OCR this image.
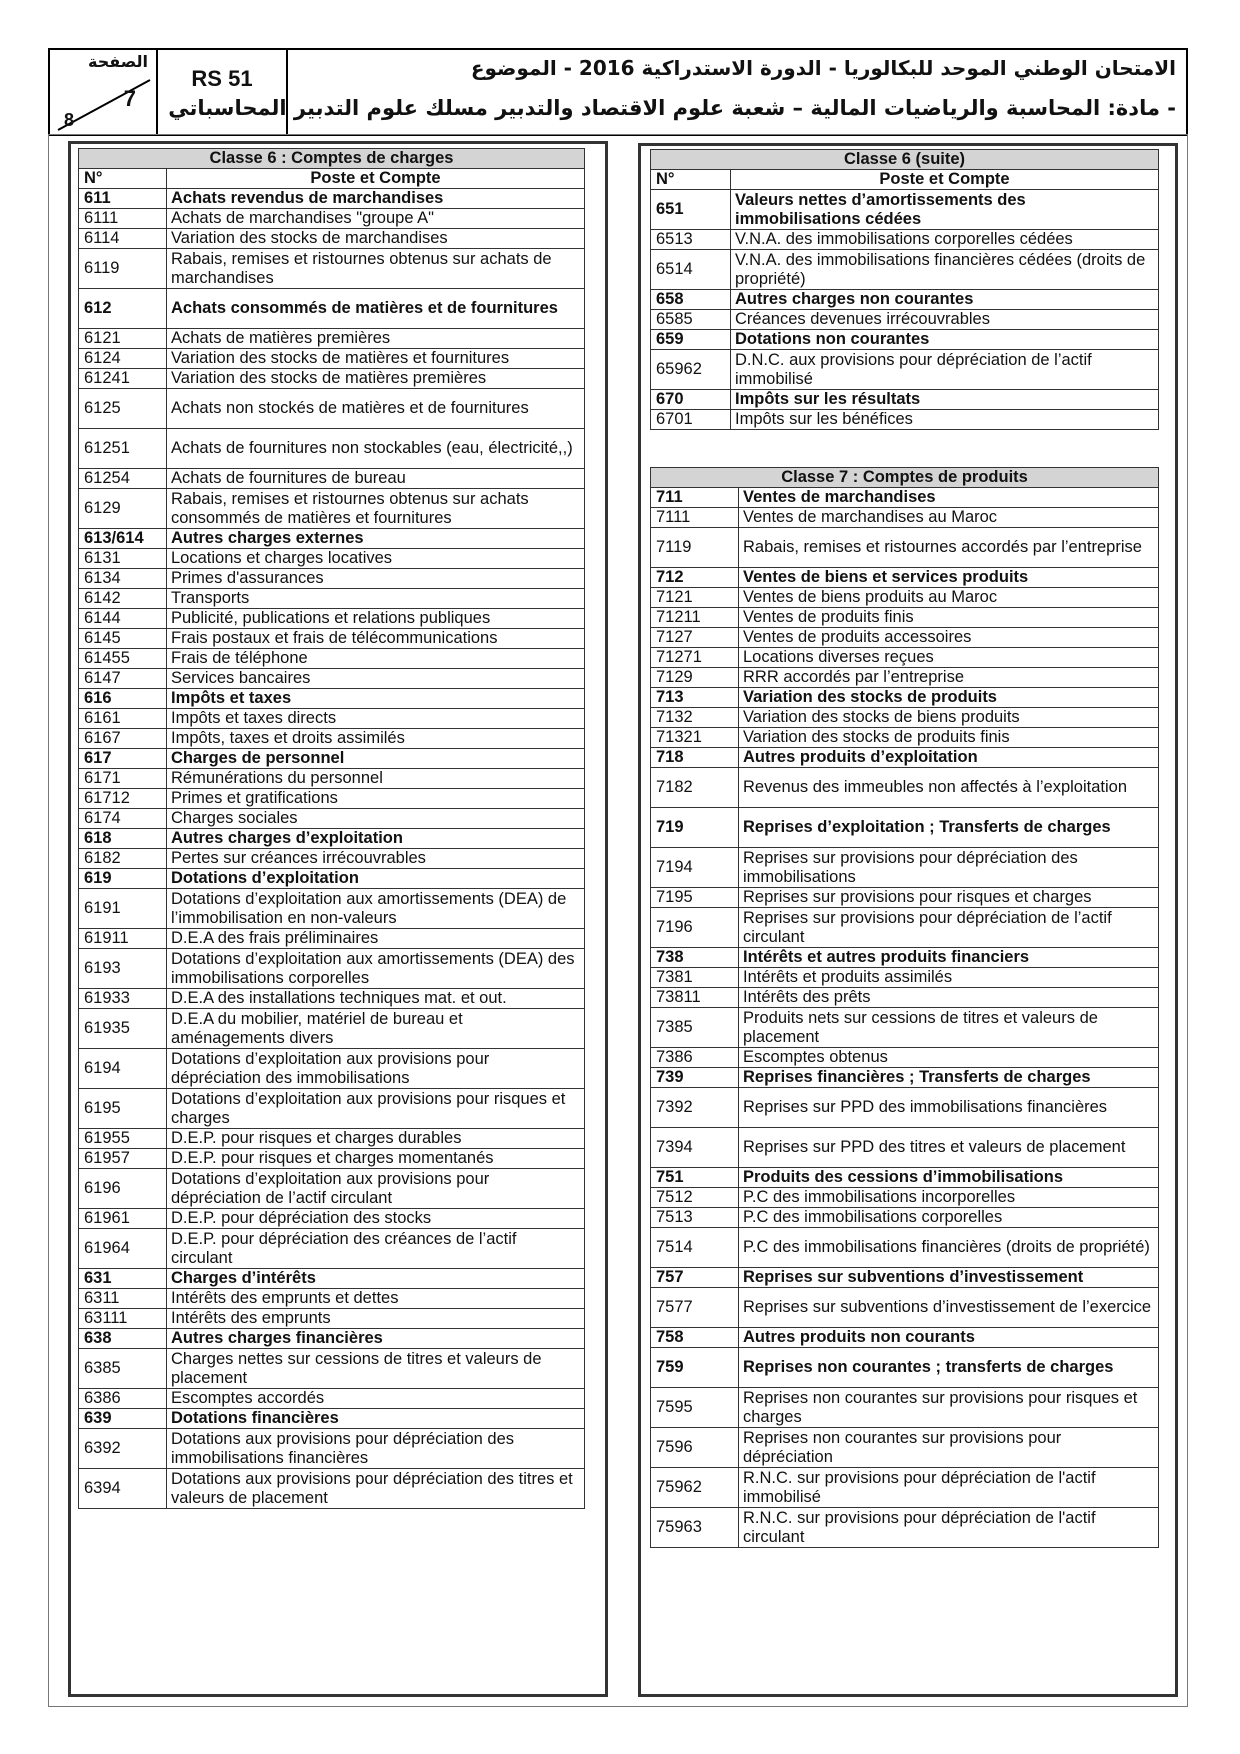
الصفحة
7
8
RS 51	الامتحان الوطني الموحد للبكالوريا - الدورة الاستدراكية 2016 - الموضوع
- مادة: المحاسبة والرياضيات المالية – شعبة علوم الاقتصاد والتدبير مسلك علوم التدبير المحاسباتي
Classe 6 : Comptes de charges	
N°	Poste et Compte
611	Achats revendus de marchandises
6111	Achats de marchandises "groupe A"
6114	Variation des stocks de marchandises
6119	Rabais, remises et ristournes obtenus sur achats de marchandises
612	Achats consommés de matières et de fournitures
6121	Achats de matières premières
6124	Variation des stocks de matières et fournitures
61241	Variation des stocks de matières premières
6125	Achats non stockés de matières et de fournitures
61251	Achats de fournitures non stockables (eau, électricité,,)
61254	Achats de fournitures de bureau
6129	Rabais, remises et ristournes obtenus sur achats consommés de matières et fournitures
613/614	Autres charges externes
6131	Locations et charges locatives
6134	Primes d'assurances
6142	Transports
6144	Publicité, publications et relations publiques
6145	Frais postaux et frais de télécommunications
61455	Frais de téléphone
6147	Services bancaires
616	Impôts et taxes
6161	Impôts et taxes directs
6167	Impôts, taxes et droits assimilés
617	Charges de personnel
6171	Rémunérations du personnel
61712	Primes et gratifications
6174	Charges sociales
618	Autres charges d’exploitation
6182	Pertes sur créances irrécouvrables
619	Dotations d’exploitation
6191	Dotations d’exploitation aux amortissements (DEA) de l’immobilisation en non-valeurs
61911	D.E.A des frais préliminaires
6193	Dotations d’exploitation aux amortissements (DEA) des immobilisations corporelles
61933	D.E.A des installations techniques mat. et out.
61935	D.E.A du mobilier, matériel de bureau et aménagements divers
6194	Dotations d’exploitation aux provisions pour dépréciation des immobilisations
6195	Dotations d’exploitation aux provisions pour risques et charges
61955	D.E.P. pour risques et charges durables
61957	D.E.P. pour risques et charges momentanés
6196	Dotations d’exploitation aux provisions pour dépréciation de l’actif circulant
61961	D.E.P. pour dépréciation des stocks
61964	D.E.P. pour dépréciation des créances de l’actif circulant
631	Charges d’intérêts
6311	Intérêts des emprunts et dettes
63111	Intérêts des emprunts
638	Autres charges financières
6385	Charges nettes sur cessions de titres et valeurs de placement
6386	Escomptes accordés
639	Dotations financières
6392	Dotations aux provisions pour dépréciation des immobilisations financières
6394	Dotations aux provisions pour dépréciation des titres et valeurs de placement
Classe 6 (suite)	
N°	Poste et Compte
651	Valeurs nettes d’amortissements des immobilisations cédées
6513	V.N.A. des immobilisations corporelles cédées
6514	V.N.A. des immobilisations financières cédées (droits de propriété)
658	Autres charges non courantes
6585	Créances devenues irrécouvrables
659	Dotations non courantes
65962	D.N.C. aux provisions pour dépréciation de l’actif immobilisé
670	Impôts sur les résultats
6701	Impôts sur les bénéfices
Classe 7 : Comptes de produits	
711	Ventes de marchandises
7111	Ventes de marchandises au Maroc
7119	Rabais, remises et ristournes accordés par l’entreprise
712	Ventes de biens et services produits
7121	Ventes de biens produits au Maroc
71211	Ventes de produits finis
7127	Ventes de produits accessoires
71271	Locations diverses reçues
7129	RRR accordés par l’entreprise
713	Variation des stocks de produits
7132	Variation des stocks de biens produits
71321	Variation des stocks de produits finis
718	Autres produits d’exploitation
7182	Revenus des immeubles non affectés à l’exploitation
719	Reprises d’exploitation ; Transferts de charges
7194	Reprises sur provisions pour dépréciation des immobilisations
7195	Reprises sur provisions pour risques et charges
7196	Reprises sur provisions pour dépréciation de l’actif circulant
738	Intérêts et autres produits financiers
7381	Intérêts et produits assimilés
73811	Intérêts des prêts
7385	Produits nets sur cessions de titres et valeurs de placement
7386	Escomptes obtenus
739	Reprises financières ; Transferts de charges
7392	Reprises sur PPD des immobilisations financières
7394	Reprises sur PPD des titres et valeurs de placement
751	Produits des cessions d’immobilisations
7512	P.C des immobilisations incorporelles
7513	P.C des immobilisations corporelles
7514	P.C des immobilisations financières (droits de propriété)
757	Reprises sur subventions d’investissement
7577	Reprises sur subventions d’investissement de l’exercice
758	Autres produits non courants
759	Reprises non courantes ; transferts de charges
7595	Reprises non courantes sur provisions pour risques et charges
7596	Reprises non courantes sur provisions pour dépréciation
75962	R.N.C. sur provisions pour dépréciation de l'actif immobilisé
75963	R.N.C. sur provisions pour dépréciation de l'actif circulant
